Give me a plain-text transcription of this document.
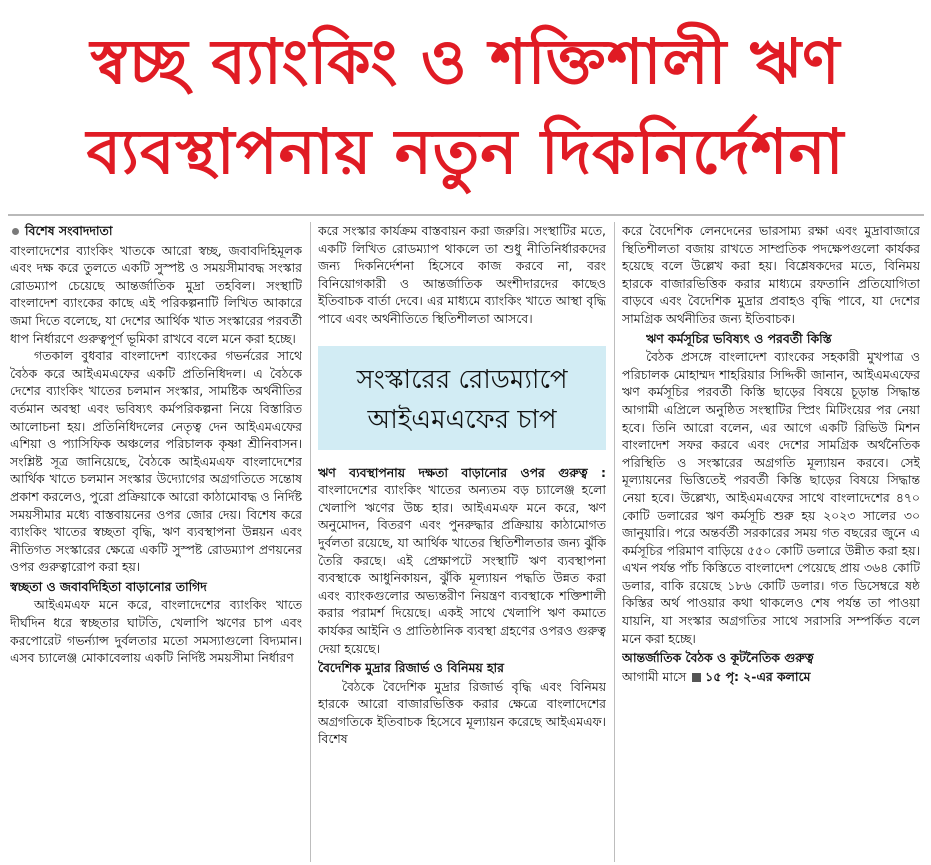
স্বচ্ছ ব্যাংকিং ও শক্তিশালী ঋণ
ব্যবস্থাপনায় নতুন দিকনির্দেশনা
বিশেষ সংবাদদাতা

বাংলাদেশের ব্যাংকিং খাতকে আরো স্বচ্ছ, জবাবদিহিমূলক এবং দক্ষ করে তুলতে একটি সুস্পষ্ট ও সময়সীমাবদ্ধ সংস্কার রোডম্যাপ চেয়েছে আন্তর্জাতিক মুদ্রা তহবিল। সংস্থাটি বাংলাদেশ ব্যাংকের কাছে এই পরিকল্পনাটি লিখিত আকারে জমা দিতে বলেছে, যা দেশের আর্থিক খাত সংস্কারের পরবর্তী ধাপ নির্ধারণে গুরুত্বপূর্ণ ভূমিকা রাখবে বলে মনে করা হচ্ছে।

গতকাল বুধবার বাংলাদেশ ব্যাংকের গভর্নরের সাথে বৈঠক করে আইএমএফের একটি প্রতিনিধিদল। এ বৈঠকে দেশের ব্যাংকিং খাতের চলমান সংস্কার, সামষ্টিক অর্থনীতির বর্তমান অবস্থা এবং ভবিষ্যৎ কর্মপরিকল্পনা নিয়ে বিস্তারিত আলোচনা হয়। প্রতিনিধিদলের নেতৃত্ব দেন আইএমএফের এশিয়া ও প্যাসিফিক অঞ্চলের পরিচালক কৃষ্ণা শ্রীনিবাসন। সংশ্লিষ্ট সূত্র জানিয়েছে, বৈঠকে আইএমএফ বাংলাদেশের আর্থিক খাতে চলমান সংস্কার উদ্যোগের অগ্রগতিতে সন্তোষ প্রকাশ করলেও, পুরো প্রক্রিয়াকে আরো কাঠামোবদ্ধ ও নির্দিষ্ট সময়সীমার মধ্যে বাস্তবায়নের ওপর জোর দেয়। বিশেষ করে ব্যাংকিং খাতের স্বচ্ছতা বৃদ্ধি, ঋণ ব্যবস্থাপনা উন্নয়ন এবং নীতিগত সংস্কারের ক্ষেত্রে একটি সুস্পষ্ট রোডম্যাপ প্রণয়নের ওপর গুরুত্বারোপ করা হয়।

স্বচ্ছতা ও জবাবদিহিতা বাড়ানোর তাগিদ

আইএমএফ মনে করে, বাংলাদেশের ব্যাংকিং খাতে দীর্ঘদিন ধরে স্বচ্ছতার ঘাটতি, খেলাপি ঋণের চাপ এবং করপোরেট গভর্ন্যান্স দুর্বলতার মতো সমস্যাগুলো বিদ্যমান। এসব চ্যালেঞ্জ মোকাবেলায় একটি নির্দিষ্ট সময়সীমা নির্ধারণ

করে সংস্কার কার্যক্রম বাস্তবায়ন করা জরুরি। সংস্থাটির মতে, একটি লিখিত রোডম্যাপ থাকলে তা শুধু নীতিনির্ধারকদের জন্য দিকনির্দেশনা হিসেবে কাজ করবে না, বরং বিনিয়োগকারী ও আন্তর্জাতিক অংশীদারদের কাছেও ইতিবাচক বার্তা দেবে। এর মাধ্যমে ব্যাংকিং খাতে আস্থা বৃদ্ধি পাবে এবং অর্থনীতিতে স্থিতিশীলতা আসবে।

সংস্কারের রোডম্যাপে
আইএমএফের চাপ

ঋণ ব্যবস্থাপনায় দক্ষতা বাড়ানোর ওপর গুরুত্ব : বাংলাদেশের ব্যাংকিং খাতের অন্যতম বড় চ্যালেঞ্জ হলো খেলাপি ঋণের উচ্চ হার। আইএমএফ মনে করে, ঋণ অনুমোদন, বিতরণ এবং পুনরুদ্ধার প্রক্রিয়ায় কাঠামোগত দুর্বলতা রয়েছে, যা আর্থিক খাতের স্থিতিশীলতার জন্য ঝুঁকি তৈরি করছে। এই প্রেক্ষাপটে সংস্থাটি ঋণ ব্যবস্থাপনা ব্যবস্থাকে আধুনিকায়ন, ঝুঁকি মূল্যায়ন পদ্ধতি উন্নত করা এবং ব্যাংকগুলোর অভ্যন্তরীণ নিয়ন্ত্রণ ব্যবস্থাকে শক্তিশালী করার পরামর্শ দিয়েছে। একই সাথে খেলাপি ঋণ কমাতে কার্যকর আইনি ও প্রাতিষ্ঠানিক ব্যবস্থা গ্রহণের ওপরও গুরুত্ব দেয়া হয়েছে।

বৈদেশিক মুদ্রার রিজার্ভ ও বিনিময় হার

বৈঠকে বৈদেশিক মুদ্রার রিজার্ভ বৃদ্ধি এবং বিনিময় হারকে আরো বাজারভিত্তিক করার ক্ষেত্রে বাংলাদেশের অগ্রগতিকে ইতিবাচক হিসেবে মূল্যায়ন করেছে আইএমএফ। বিশেষ

করে বৈদেশিক লেনদেনের ভারসাম্য রক্ষা এবং মুদ্রাবাজারে স্থিতিশীলতা বজায় রাখতে সাম্প্রতিক পদক্ষেপগুলো কার্যকর হয়েছে বলে উল্লেখ করা হয়। বিশ্লেষকদের মতে, বিনিময় হারকে বাজারভিত্তিক করার মাধ্যমে রফতানি প্রতিযোগিতা বাড়বে এবং বৈদেশিক মুদ্রার প্রবাহও বৃদ্ধি পাবে, যা দেশের সামগ্রিক অর্থনীতির জন্য ইতিবাচক।

ঋণ কর্মসূচির ভবিষ্যৎ ও পরবর্তী কিস্তি

বৈঠক প্রসঙ্গে বাংলাদেশ ব্যাংকের সহকারী মুখপাত্র ও পরিচালক মোহাম্মদ শাহরিয়ার সিদ্দিকী জানান, আইএমএফের ঋণ কর্মসূচির পরবর্তী কিস্তি ছাড়ের বিষয়ে চূড়ান্ত সিদ্ধান্ত আগামী এপ্রিলে অনুষ্ঠিত সংস্থাটির স্প্রিং মিটিংয়ের পর নেয়া হবে। তিনি আরো বলেন, এর আগে একটি রিভিউ মিশন বাংলাদেশ সফর করবে এবং দেশের সামগ্রিক অর্থনৈতিক পরিস্থিতি ও সংস্কারের অগ্রগতি মূল্যায়ন করবে। সেই মূল্যায়নের ভিত্তিতেই পরবর্তী কিস্তি ছাড়ের বিষয়ে সিদ্ধান্ত নেয়া হবে। উল্লেখ্য, আইএমএফের সাথে বাংলাদেশের ৪৭০ কোটি ডলারের ঋণ কর্মসূচি শুরু হয় ২০২৩ সালের ৩০ জানুয়ারি। পরে অন্তর্বর্তী সরকারের সময় গত বছরের জুনে এ কর্মসূচির পরিমাণ বাড়িয়ে ৫৫০ কোটি ডলারে উন্নীত করা হয়। এখন পর্যন্ত পাঁচ কিস্তিতে বাংলাদেশ পেয়েছে প্রায় ৩৬৪ কোটি ডলার, বাকি রয়েছে ১৮৬ কোটি ডলার। গত ডিসেম্বরে ষষ্ঠ কিস্তির অর্থ পাওয়ার কথা থাকলেও শেষ পর্যন্ত তা পাওয়া যায়নি, যা সংস্কার অগ্রগতির সাথে সরাসরি সম্পর্কিত বলে মনে করা হচ্ছে।

আন্তর্জাতিক বৈঠক ও কূটনৈতিক গুরুত্ব
আগামী মাসে ১৫ পৃ: ২-এর কলামে
